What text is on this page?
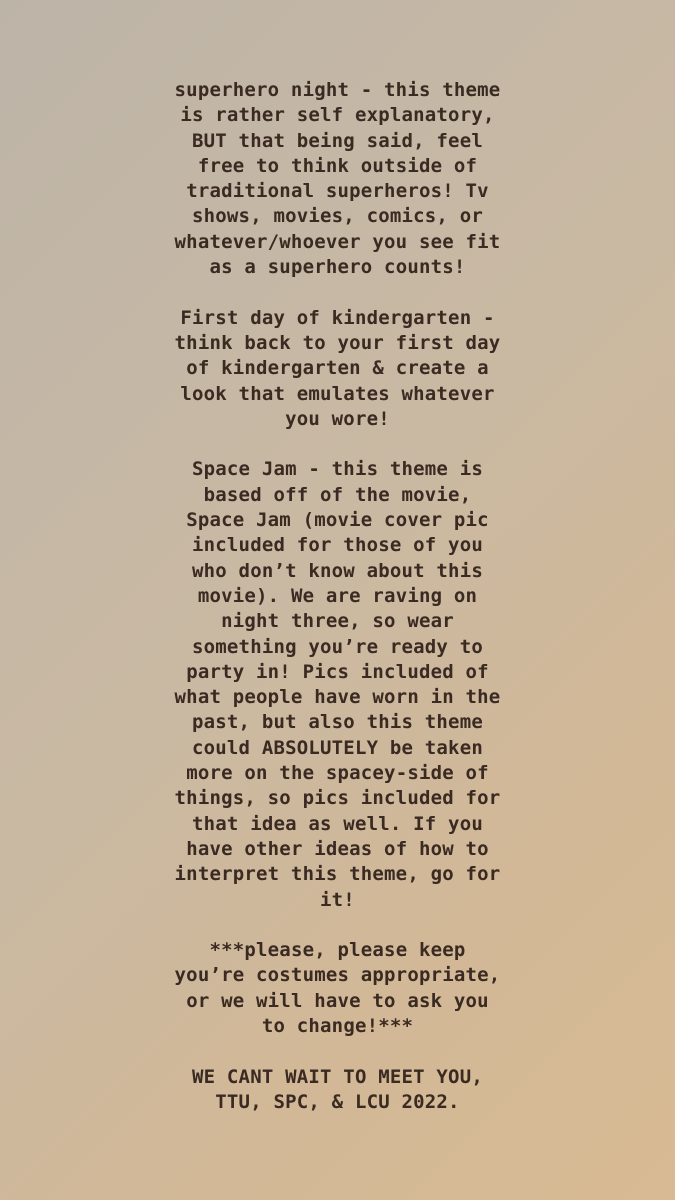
superhero night - this theme
is rather self explanatory,
BUT that being said, feel
free to think outside of
traditional superheros! Tv
shows, movies, comics, or
whatever/whoever you see fit
as a superhero counts!
First day of kindergarten -
think back to your first day
of kindergarten & create a
look that emulates whatever
you wore!
Space Jam - this theme is
based off of the movie,
Space Jam (movie cover pic
included for those of you
who don’t know about this
movie). We are raving on
night three, so wear
something you’re ready to
party in! Pics included of
what people have worn in the
past, but also this theme
could ABSOLUTELY be taken
more on the spacey-side of
things, so pics included for
that idea as well. If you
have other ideas of how to
interpret this theme, go for
it!
***please, please keep
you’re costumes appropriate,
or we will have to ask you
to change!***
WE CANT WAIT TO MEET YOU,
TTU, SPC, & LCU 2022.
